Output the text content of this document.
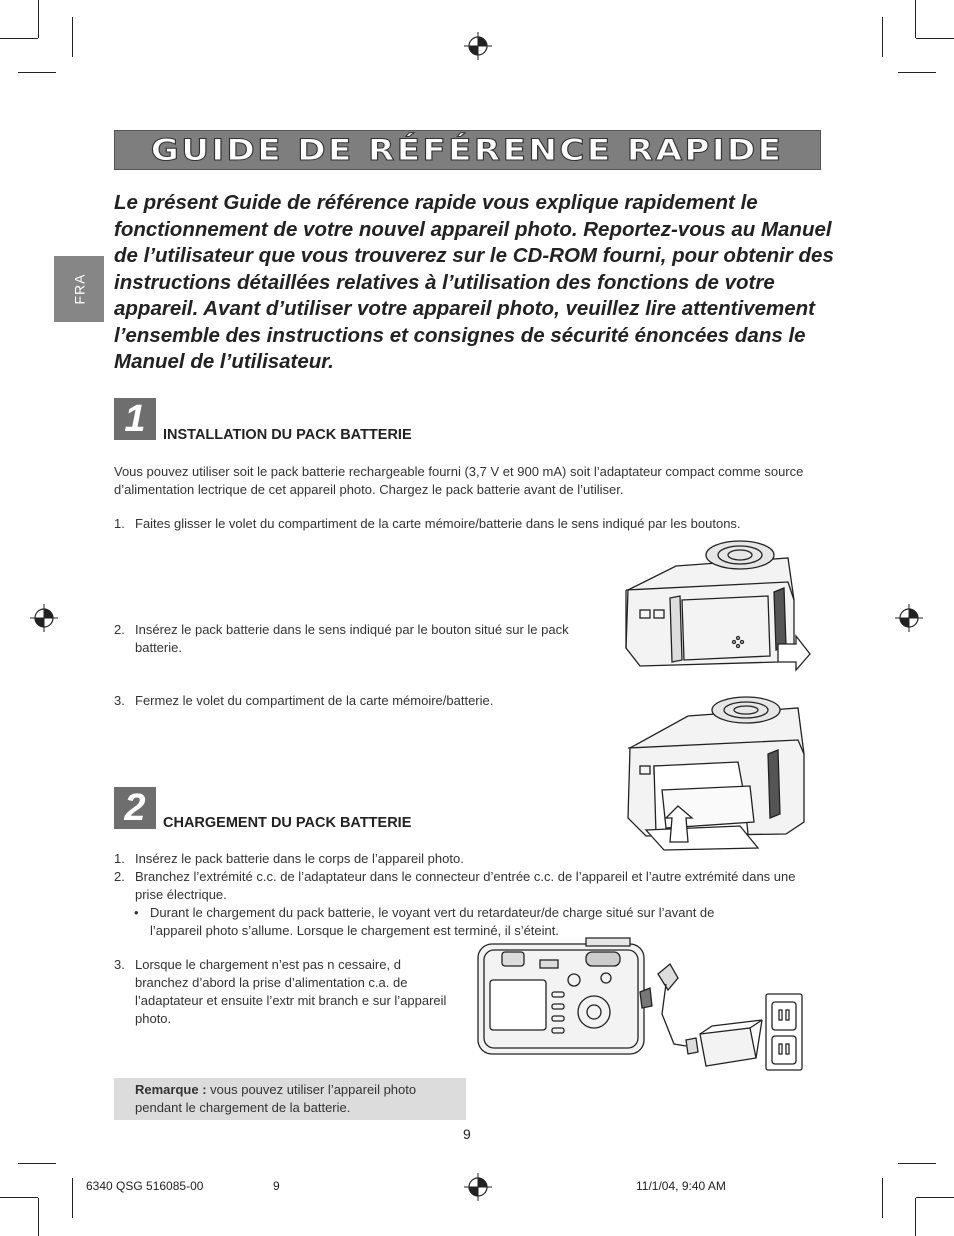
GUIDE DE RÉFÉRENCE RAPIDE
FRA
Le présent Guide de référence rapide vous explique rapidement le fonctionnement de votre nouvel appareil photo. Reportez-vous au Manuel de l’utilisateur que vous trouverez sur le CD-ROM fourni, pour obtenir des instructions détaillées relatives à l’utilisation des fonctions de votre appareil. Avant d’utiliser votre appareil photo, veuillez lire attentivement l’ensemble des instructions et consignes de sécurité énoncées dans le Manuel de l’utilisateur.
1	INSTALLATION DU PACK BATTERIE
Vous pouvez utiliser soit le pack batterie rechargeable fourni (3,7 V et 900 mA) soit l’adaptateur compact comme source d’alimentation lectrique de cet appareil photo. Chargez le pack batterie avant de l’utiliser.
1. Faites glisser le volet du compartiment de la carte mémoire/batterie dans le sens indiqué par les boutons.
2. Insérez le pack batterie dans le sens indiqué par le bouton situé sur le pack batterie.
3. Fermez le volet du compartiment de la carte mémoire/batterie.
2	CHARGEMENT DU PACK BATTERIE
1. Insérez le pack batterie dans le corps de l’appareil photo.
2. Branchez l’extrémité c.c. de l’adaptateur dans le connecteur d’entrée c.c. de l’appareil et l’autre extrémité dans une prise électrique.
• Durant le chargement du pack batterie, le voyant vert du retardateur/de charge situé sur l’avant de l’appareil photo s’allume. Lorsque le chargement est terminé, il s’éteint.
3. Lorsque le chargement n’est pas n cessaire, d branchez d’abord la prise d’alimentation c.a. de l’adaptateur et ensuite l’extr mit branch e sur l’appareil photo.
Remarque : vous pouvez utiliser l’appareil photo pendant le chargement de la batterie.
9
6340 QSG 516085-00	9	11/1/04, 9:40 AM
